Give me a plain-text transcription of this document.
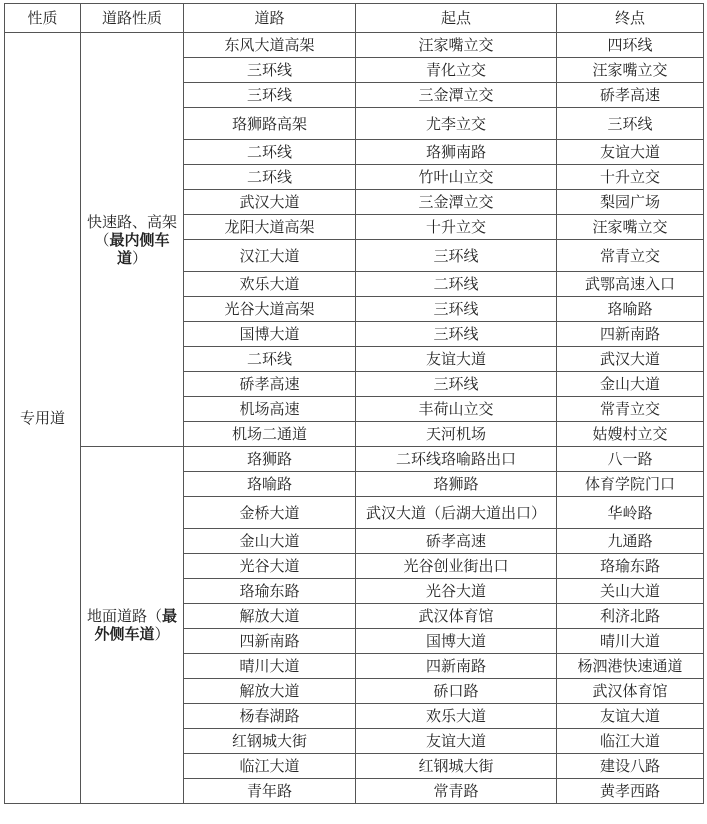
性质	道路性质	道路	起点	终点
专用道	快速路、高架（最内侧车道）	东风大道高架	汪家嘴立交	四环线
		三环线	青化立交	汪家嘴立交
		三环线	三金潭立交	硚孝高速
		珞狮路高架	尤李立交	三环线
		二环线	珞狮南路	友谊大道
		二环线	竹叶山立交	十升立交
		武汉大道	三金潭立交	梨园广场
		龙阳大道高架	十升立交	汪家嘴立交
		汉江大道	三环线	常青立交
		欢乐大道	二环线	武鄂高速入口
		光谷大道高架	三环线	珞喻路
		国博大道	三环线	四新南路
		二环线	友谊大道	武汉大道
		硚孝高速	三环线	金山大道
		机场高速	丰荷山立交	常青立交
		机场二通道	天河机场	姑嫂村立交
	地面道路（最外侧车道）	珞狮路	二环线珞喻路出口	八一路
		珞喻路	珞狮路	体育学院门口
		金桥大道	武汉大道（后湖大道出口）	华岭路
		金山大道	硚孝高速	九通路
		光谷大道	光谷创业街出口	珞瑜东路
		珞瑜东路	光谷大道	关山大道
		解放大道	武汉体育馆	利济北路
		四新南路	国博大道	晴川大道
		晴川大道	四新南路	杨泗港快速通道
		解放大道	硚口路	武汉体育馆
		杨春湖路	欢乐大道	友谊大道
		红钢城大街	友谊大道	临江大道
		临江大道	红钢城大街	建设八路
		青年路	常青路	黄孝西路
